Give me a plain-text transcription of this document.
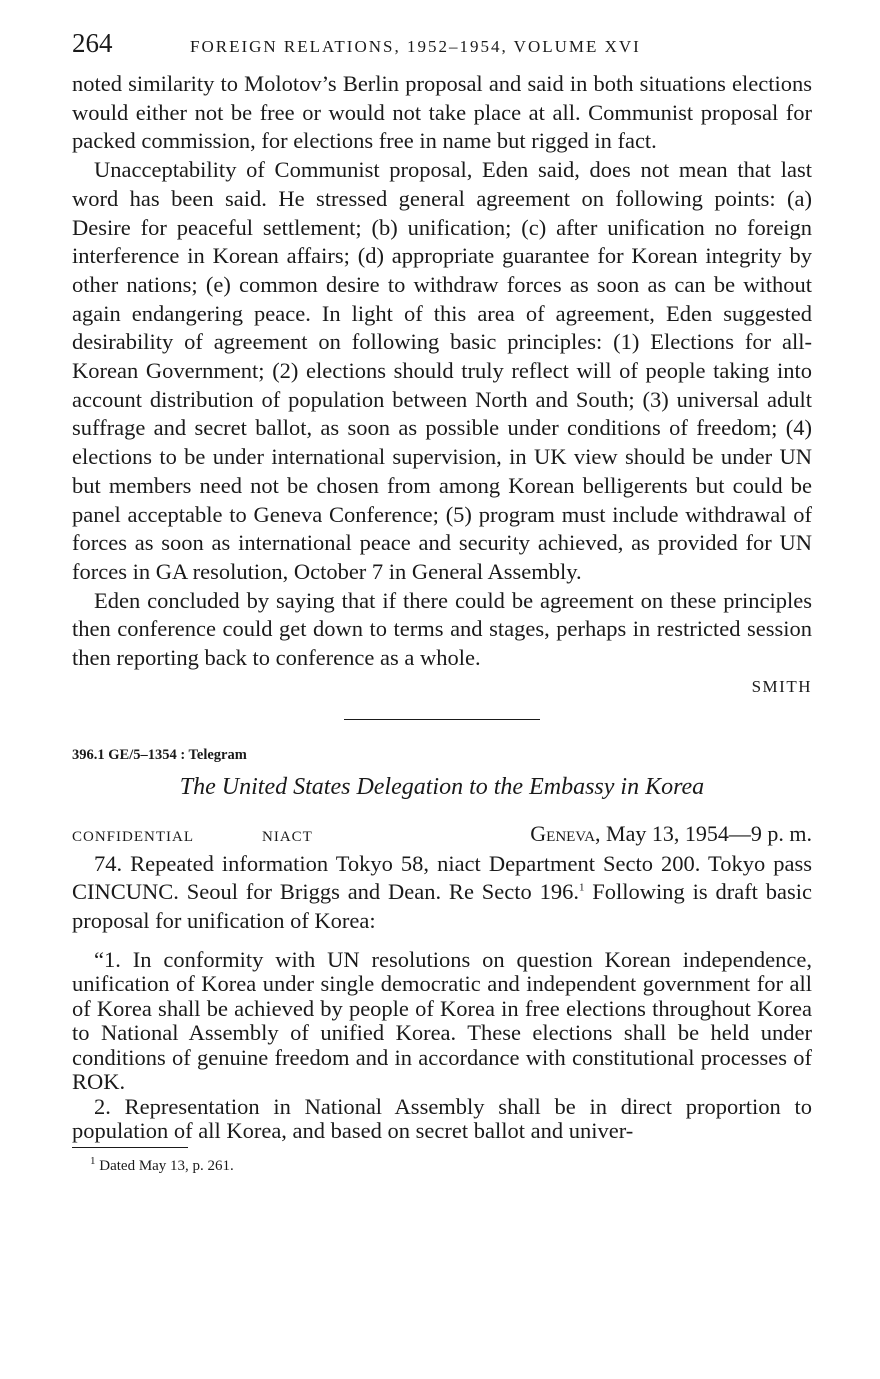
264	FOREIGN RELATIONS, 1952–1954, VOLUME XVI

noted similarity to Molotov’s Berlin proposal and said in both situations elections would either not be free or would not take place at all. Communist proposal for packed commission, for elections free in name but rigged in fact.

Unacceptability of Communist proposal, Eden said, does not mean that last word has been said. He stressed general agreement on following points: (a) Desire for peaceful settlement; (b) unification; (c) after unification no foreign interference in Korean affairs; (d) appropriate guarantee for Korean integrity by other nations; (e) common desire to withdraw forces as soon as can be without again endangering peace. In light of this area of agreement, Eden suggested desirability of agreement on following basic principles: (1) Elections for all-Korean Government; (2) elections should truly reflect will of people taking into account distribution of population between North and South; (3) universal adult suffrage and secret ballot, as soon as possible under conditions of freedom; (4) elections to be under international supervision, in UK view should be under UN but members need not be chosen from among Korean belligerents but could be panel acceptable to Geneva Conference; (5) program must include withdrawal of forces as soon as international peace and security achieved, as provided for UN forces in GA resolution, October 7 in General Assembly.

Eden concluded by saying that if there could be agreement on these principles then conference could get down to terms and stages, perhaps in restricted session then reporting back to conference as a whole.

SMITH
396.1 GE/5–1354 : Telegram
The United States Delegation to the Embassy in Korea
CONFIDENTIAL	NIACT	Geneva, May 13, 1954—9 p. m.

74. Repeated information Tokyo 58, niact Department Secto 200. Tokyo pass CINCUNC. Seoul for Briggs and Dean. Re Secto 196.$^1$ Following is draft basic proposal for unification of Korea:

“1. In conformity with UN resolutions on question Korean independence, unification of Korea under single democratic and independent government for all of Korea shall be achieved by people of Korea in free elections throughout Korea to National Assembly of unified Korea. These elections shall be held under conditions of genuine freedom and in accordance with constitutional processes of ROK.

2. Representation in National Assembly shall be in direct proportion to population of all Korea, and based on secret ballot and univer-

$^1$ Dated May 13, p. 261.
